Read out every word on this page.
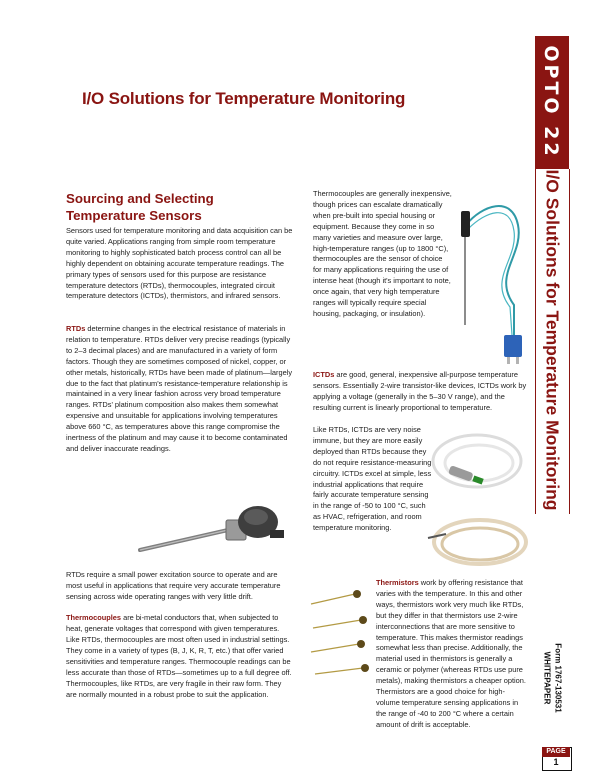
I/O Solutions for Temperature Monitoring	OPTO 22
I/O Solutions for Temperature Monitoring
WHITEPAPER Form 1767-130531
PAGE
1
Sourcing and Selecting Temperature Sensors

Sensors used for temperature monitoring and data acquisition can be quite varied. Applications ranging from simple room temperature monitoring to highly sophisticated batch process control can all be highly dependent on obtaining accurate temperature readings. The primary types of sensors used for this purpose are resistance temperature detectors (RTDs), thermocouples, integrated circuit temperature detectors (ICTDs), thermistors, and infrared sensors.

RTDs determine changes in the electrical resistance of materials in relation to temperature. RTDs deliver very precise readings (typically to 2–3 decimal places) and are manufactured in a variety of form factors. Though they are sometimes composed of nickel, copper, or other metals, historically, RTDs have been made of platinum—largely due to the fact that platinum's resistance-temperature relationship is maintained in a very linear fashion across very broad temperature ranges. RTDs' platinum composition also makes them somewhat expensive and unsuitable for applications involving temperatures above 660 °C, as temperatures above this range compromise the inertness of the platinum and may cause it to become contaminated and deliver inaccurate readings.

RTDs require a small power excitation source to operate and are most useful in applications that require very accurate temperature sensing across wide operating ranges with very little drift.

Thermocouples are bi-metal conductors that, when subjected to heat, generate voltages that correspond with given temperatures. Like RTDs, thermocouples are most often used in industrial settings. They come in a variety of types (B, J, K, R, T, etc.) that offer varied sensitivities and temperature ranges. Thermocouple readings can be less accurate than those of RTDs—sometimes up to a full degree off.

Thermocouples, like RTDs, are very fragile in their raw form. They are normally mounted in a robust probe to suit the application.

Thermocouples are generally inexpensive, though prices can escalate dramatically when pre-built into special housing or equipment. Because they come in so many varieties and measure over large, high-temperature ranges (up to 1800 °C), thermocouples are the sensor of choice for many applications requiring the use of intense heat (though it's important to note, once again, that very high temperature ranges will typically require special housing, packaging, or insulation).

ICTDs are good, general, inexpensive all-purpose temperature sensors. Essentially 2-wire transistor-like devices, ICTDs work by applying a voltage (generally in the 5–30 V range), and the resulting current is linearly proportional to temperature.

Like RTDs, ICTDs are very noise immune, but they are more easily deployed than RTDs because they do not require resistance-measuring circuitry. ICTDs excel at simple, less industrial applications that require fairly accurate temperature sensing in the range of -50 to 100 °C, such as HVAC, refrigeration, and room temperature monitoring.

Thermistors work by offering resistance that varies with the temperature. In this and other ways, thermistors work very much like RTDs, but they differ in that thermistors use 2-wire interconnections that are more sensitive to temperature. This makes thermistor readings somewhat less than precise. Additionally, the material used in thermistors is generally a ceramic or polymer (whereas RTDs use pure metals), making thermistors a cheaper option. Thermistors are a good choice for high-volume temperature sensing applications in the range of -40 to 200 °C where a certain amount of drift is acceptable.
